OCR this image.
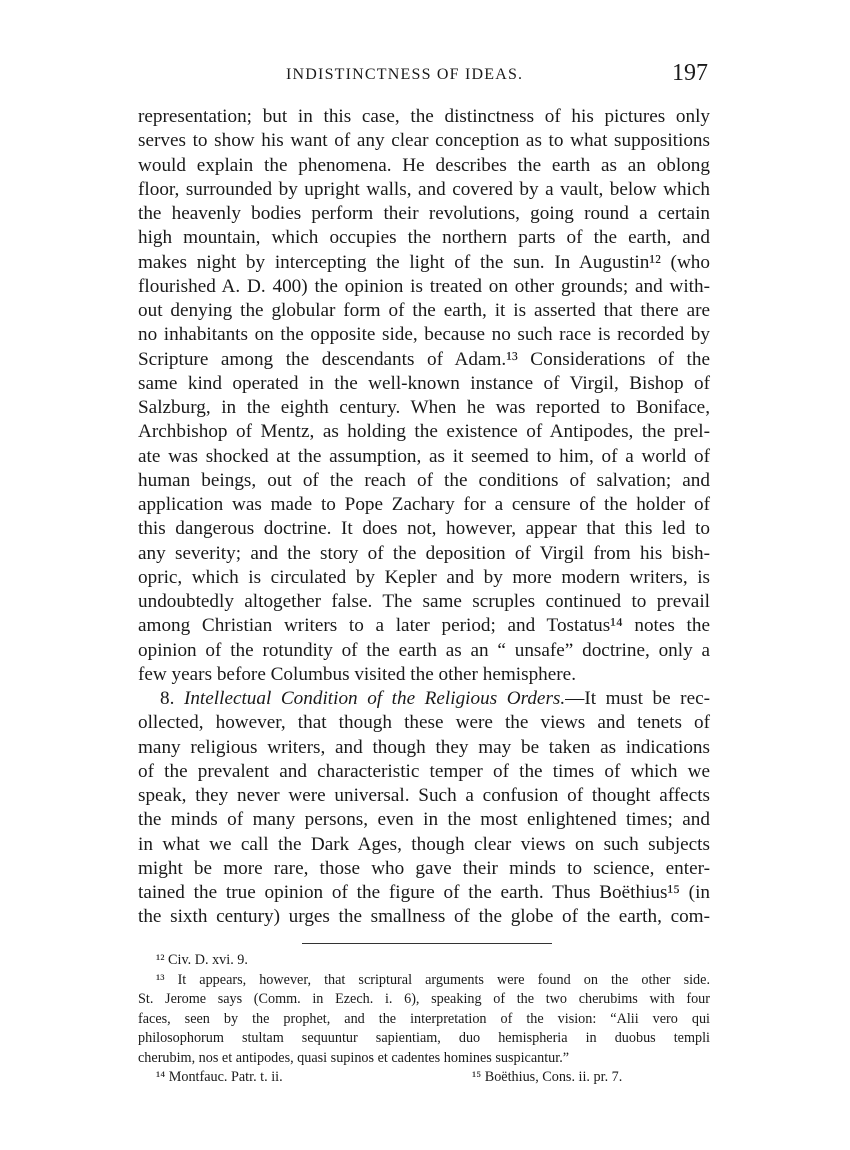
INDISTINCTNESS OF IDEAS.	197
representation; but in this case, the distinctness of his pictures only
serves to show his want of any clear conception as to what suppositions
would explain the phenomena. He describes the earth as an oblong
floor, surrounded by upright walls, and covered by a vault, below which
the heavenly bodies perform their revolutions, going round a certain
high mountain, which occupies the northern parts of the earth, and
makes night by intercepting the light of the sun. In Augustin¹² (who
flourished A. D. 400) the opinion is treated on other grounds; and with-
out denying the globular form of the earth, it is asserted that there are
no inhabitants on the opposite side, because no such race is recorded by
Scripture among the descendants of Adam.¹³ Considerations of the
same kind operated in the well-known instance of Virgil, Bishop of
Salzburg, in the eighth century. When he was reported to Boniface,
Archbishop of Mentz, as holding the existence of Antipodes, the prel-
ate was shocked at the assumption, as it seemed to him, of a world of
human beings, out of the reach of the conditions of salvation; and
application was made to Pope Zachary for a censure of the holder of
this dangerous doctrine. It does not, however, appear that this led to
any severity; and the story of the deposition of Virgil from his bish-
opric, which is circulated by Kepler and by more modern writers, is
undoubtedly altogether false. The same scruples continued to prevail
among Christian writers to a later period; and Tostatus¹⁴ notes the
opinion of the rotundity of the earth as an “ unsafe” doctrine, only a
few years before Columbus visited the other hemisphere.
8. Intellectual Condition of the Religious Orders.—It must be rec-
ollected, however, that though these were the views and tenets of
many religious writers, and though they may be taken as indications
of the prevalent and characteristic temper of the times of which we
speak, they never were universal. Such a confusion of thought affects
the minds of many persons, even in the most enlightened times; and
in what we call the Dark Ages, though clear views on such subjects
might be more rare, those who gave their minds to science, enter-
tained the true opinion of the figure of the earth. Thus Boëthius¹⁵ (in
the sixth century) urges the smallness of the globe of the earth, com-
¹² Civ. D. xvi. 9.
¹³ It appears, however, that scriptural arguments were found on the other side.
St. Jerome says (Comm. in Ezech. i. 6), speaking of the two cherubims with four
faces, seen by the prophet, and the interpretation of the vision: “Alii vero qui
philosophorum stultam sequuntur sapientiam, duo hemispheria in duobus templi
cherubim, nos et antipodes, quasi supinos et cadentes homines suspicantur.”
¹⁴ Montfauc. Patr. t. ii.	¹⁵ Boëthius, Cons. ii. pr. 7.
